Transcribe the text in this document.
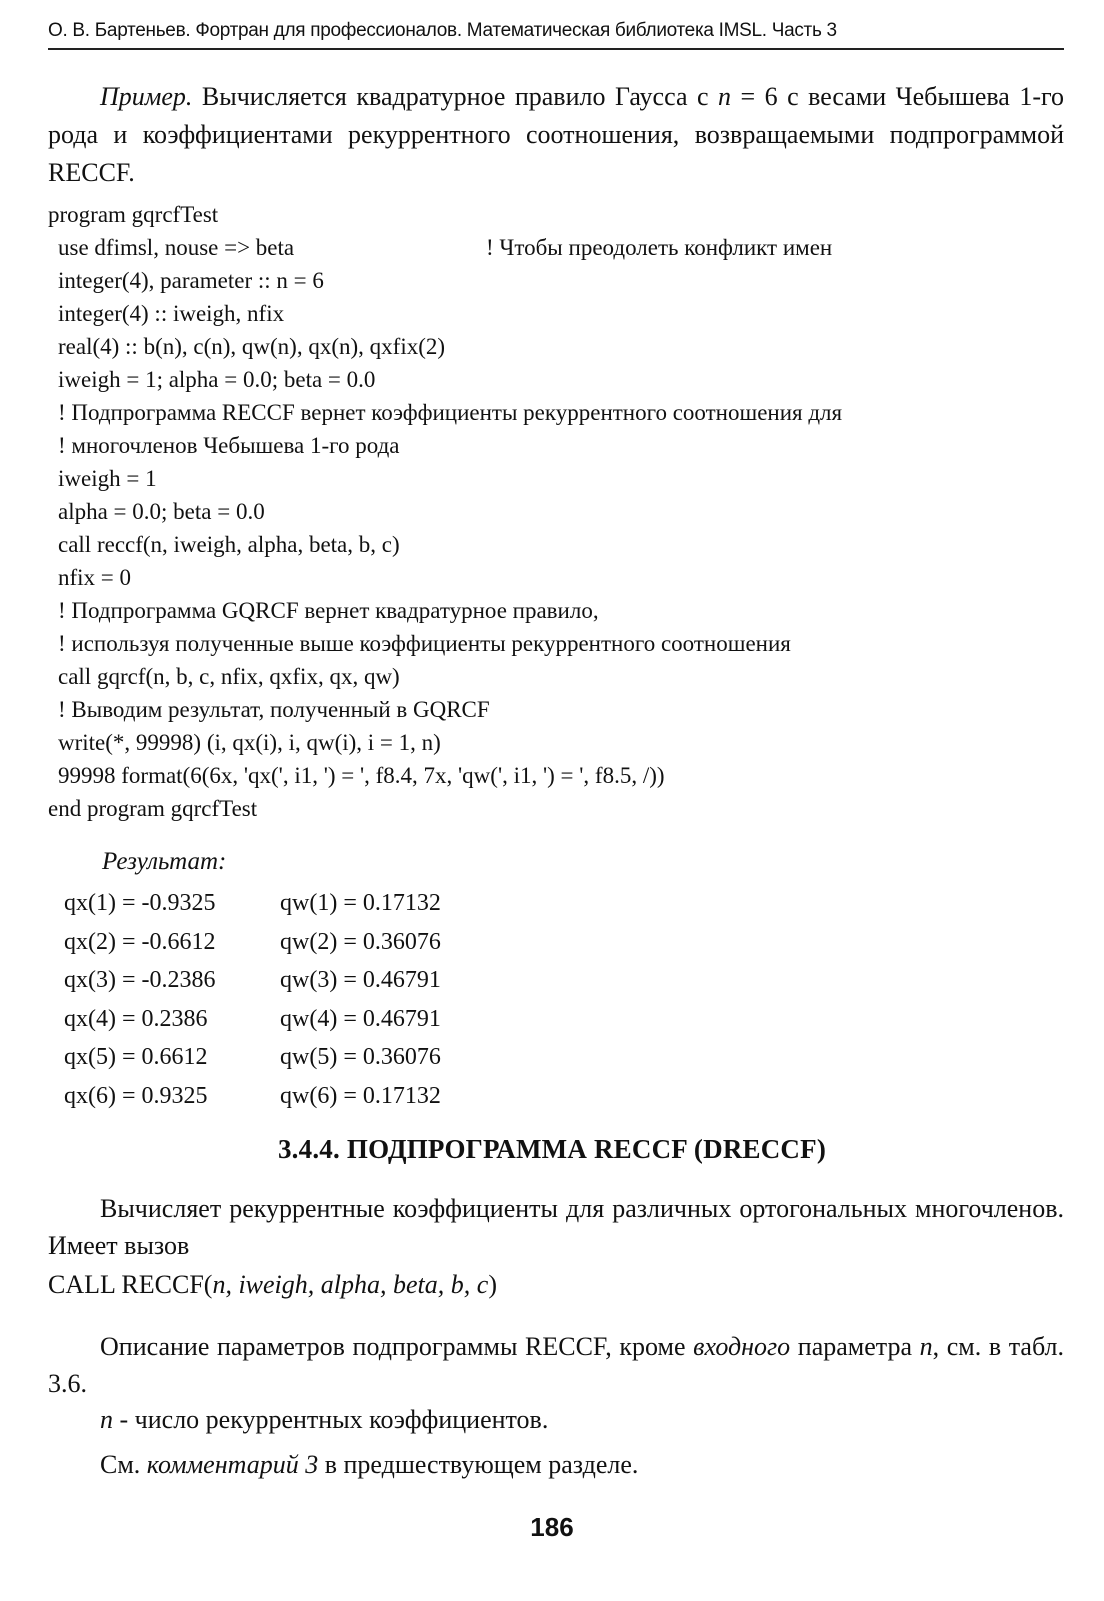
О. В. Бартеньев. Фортран для профессионалов. Математическая библиотека IMSL. Часть 3
Пример. Вычисляется квадратурное правило Гаусса с n = 6 с весами Чебышева 1-го рода и коэффициентами рекуррентного соотношения, возвращаемыми подпрограммой RECCF.
program gqrcfTest
use dfimsl, nouse => beta	! Чтобы преодолеть конфликт имен
integer(4), parameter :: n = 6
integer(4) :: iweigh, nfix
real(4) :: b(n), c(n), qw(n), qx(n), qxfix(2)
iweigh = 1; alpha = 0.0; beta = 0.0
! Подпрограмма RECCF вернет коэффициенты рекуррентного соотношения для
! многочленов Чебышева 1-го рода
iweigh = 1
alpha = 0.0; beta = 0.0
call reccf(n, iweigh, alpha, beta, b, c)
nfix = 0
! Подпрограмма GQRCF вернет квадратурное правило,
! используя полученные выше коэффициенты рекуррентного соотношения
call gqrcf(n, b, c, nfix, qxfix, qx, qw)
! Выводим результат, полученный в GQRCF
write(*, 99998) (i, qx(i), i, qw(i), i = 1, n)
99998 format(6(6x, 'qx(', i1, ') = ', f8.4, 7x, 'qw(', i1, ') = ', f8.5, /))
end program gqrcfTest
Результат:
qx(1) = -0.9325	qw(1) = 0.17132
qx(2) = -0.6612	qw(2) = 0.36076
qx(3) = -0.2386	qw(3) = 0.46791
qx(4) = 0.2386	qw(4) = 0.46791
qx(5) = 0.6612	qw(5) = 0.36076
qx(6) = 0.9325	qw(6) = 0.17132
3.4.4. ПОДПРОГРАММА RECCF (DRECCF)
Вычисляет рекуррентные коэффициенты для различных ортогональных многочленов. Имеет вызов
CALL RECCF(n, iweigh, alpha, beta, b, c)
Описание параметров подпрограммы RECCF, кроме входного параметра n, см. в табл. 3.6.
n - число рекуррентных коэффициентов.
См. комментарий 3 в предшествующем разделе.
186
